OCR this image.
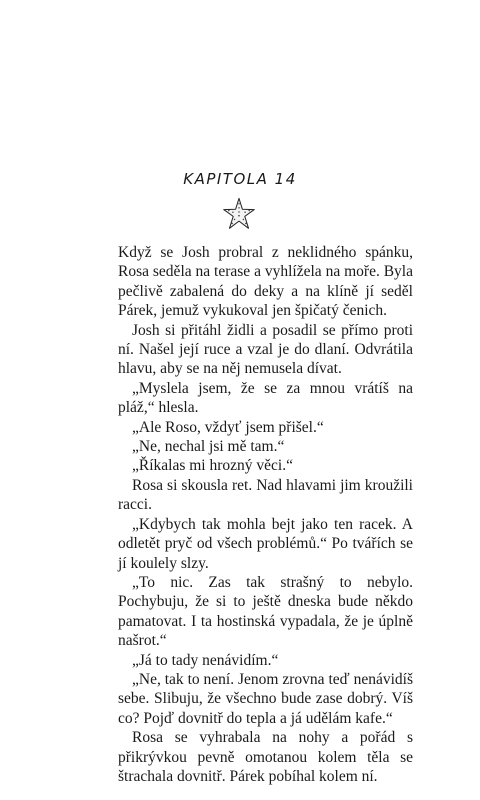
KAPITOLA 14

Když se Josh probral z neklidného spánku, Rosa seděla na terase a vyhlížela na moře. Byla pečlivě zabalená do deky a na klíně jí seděl Párek, jemuž vykukoval jen špičatý čenich.

Josh si přitáhl židli a posadil se přímo proti ní. Našel její ruce a vzal je do dlaní. Odvrátila hlavu, aby se na něj nemusela dívat.

„Myslela jsem, že se za mnou vrátíš na pláž,“ hlesla.

„Ale Roso, vždyť jsem přišel.“

„Ne, nechal jsi mě tam.“

„Říkalas mi hrozný věci.“

Rosa si skousla ret. Nad hlavami jim kroužili racci.

„Kdybych tak mohla bejt jako ten racek. A odletět pryč od všech problémů.“ Po tvářích se jí koulely slzy.

„To nic. Zas tak strašný to nebylo. Pochybuju, že si to ještě dneska bude někdo pamatovat. I ta hostinská vypadala, že je úplně našrot.“

„Já to tady nenávidím.“

„Ne, tak to není. Jenom zrovna teď nenávidíš sebe. Slibuju, že všechno bude zase dobrý. Víš co? Pojď dovnitř do tepla a já udělám kafe.“

Rosa se vyhrabala na nohy a pořád s přikrývkou pevně omotanou kolem těla se štrachala dovnitř. Párek pobíhal kolem ní.
